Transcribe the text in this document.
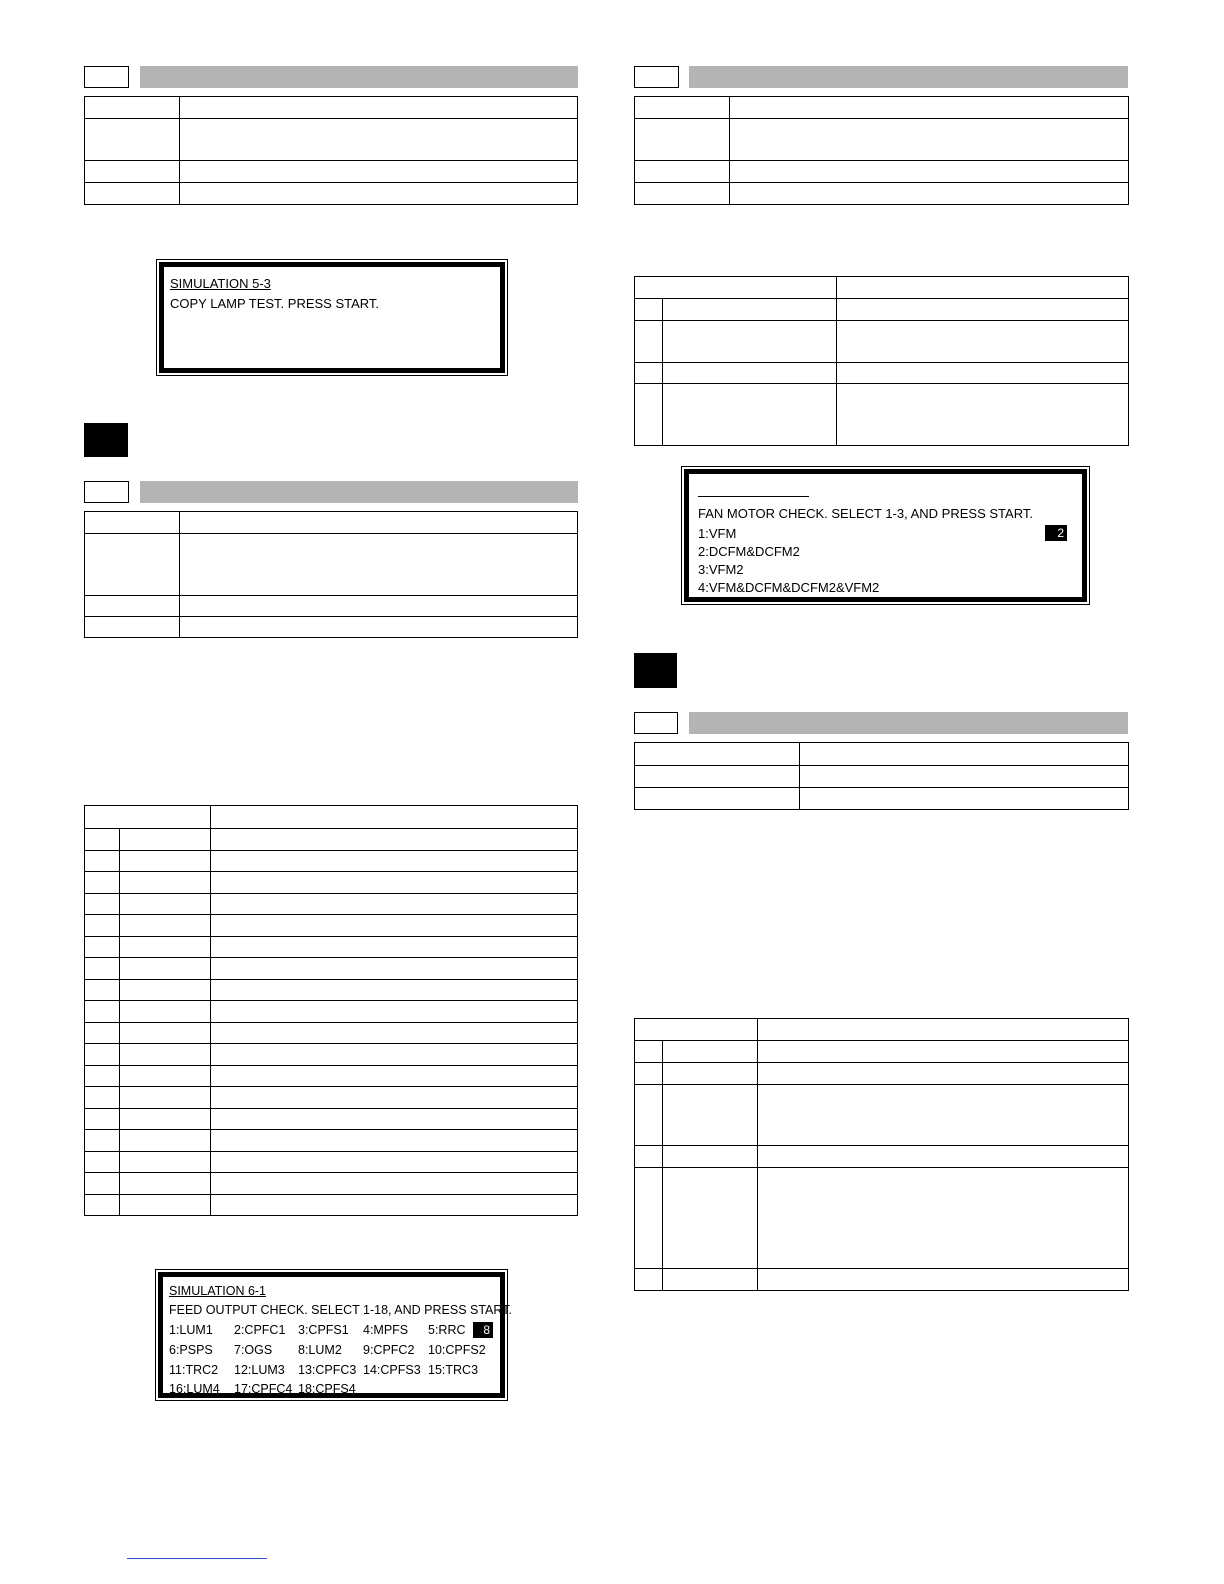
SIMULATION 5-3
COPY LAMP TEST. PRESS START.

SIMULATION 6-1
FEED OUTPUT CHECK. SELECT 1-18, AND PRESS START.
1:LUM1 2:CPFC1 3:CPFS1 4:MPFS 5:RRC	8
6:PSPS 7:OGS 8:LUM2 9:CPFC2 10:CPFS2
11:TRC2 12:LUM3 13:CPFC3 14:CPFS3 15:TRC3
16:LUM4 17:CPFC4 18:CPFS4

FAN MOTOR CHECK. SELECT 1-3, AND PRESS START.
1:VFM	2
2:DCFM&DCFM2
3:VFM2
4:VFM&DCFM&DCFM2&VFM2
